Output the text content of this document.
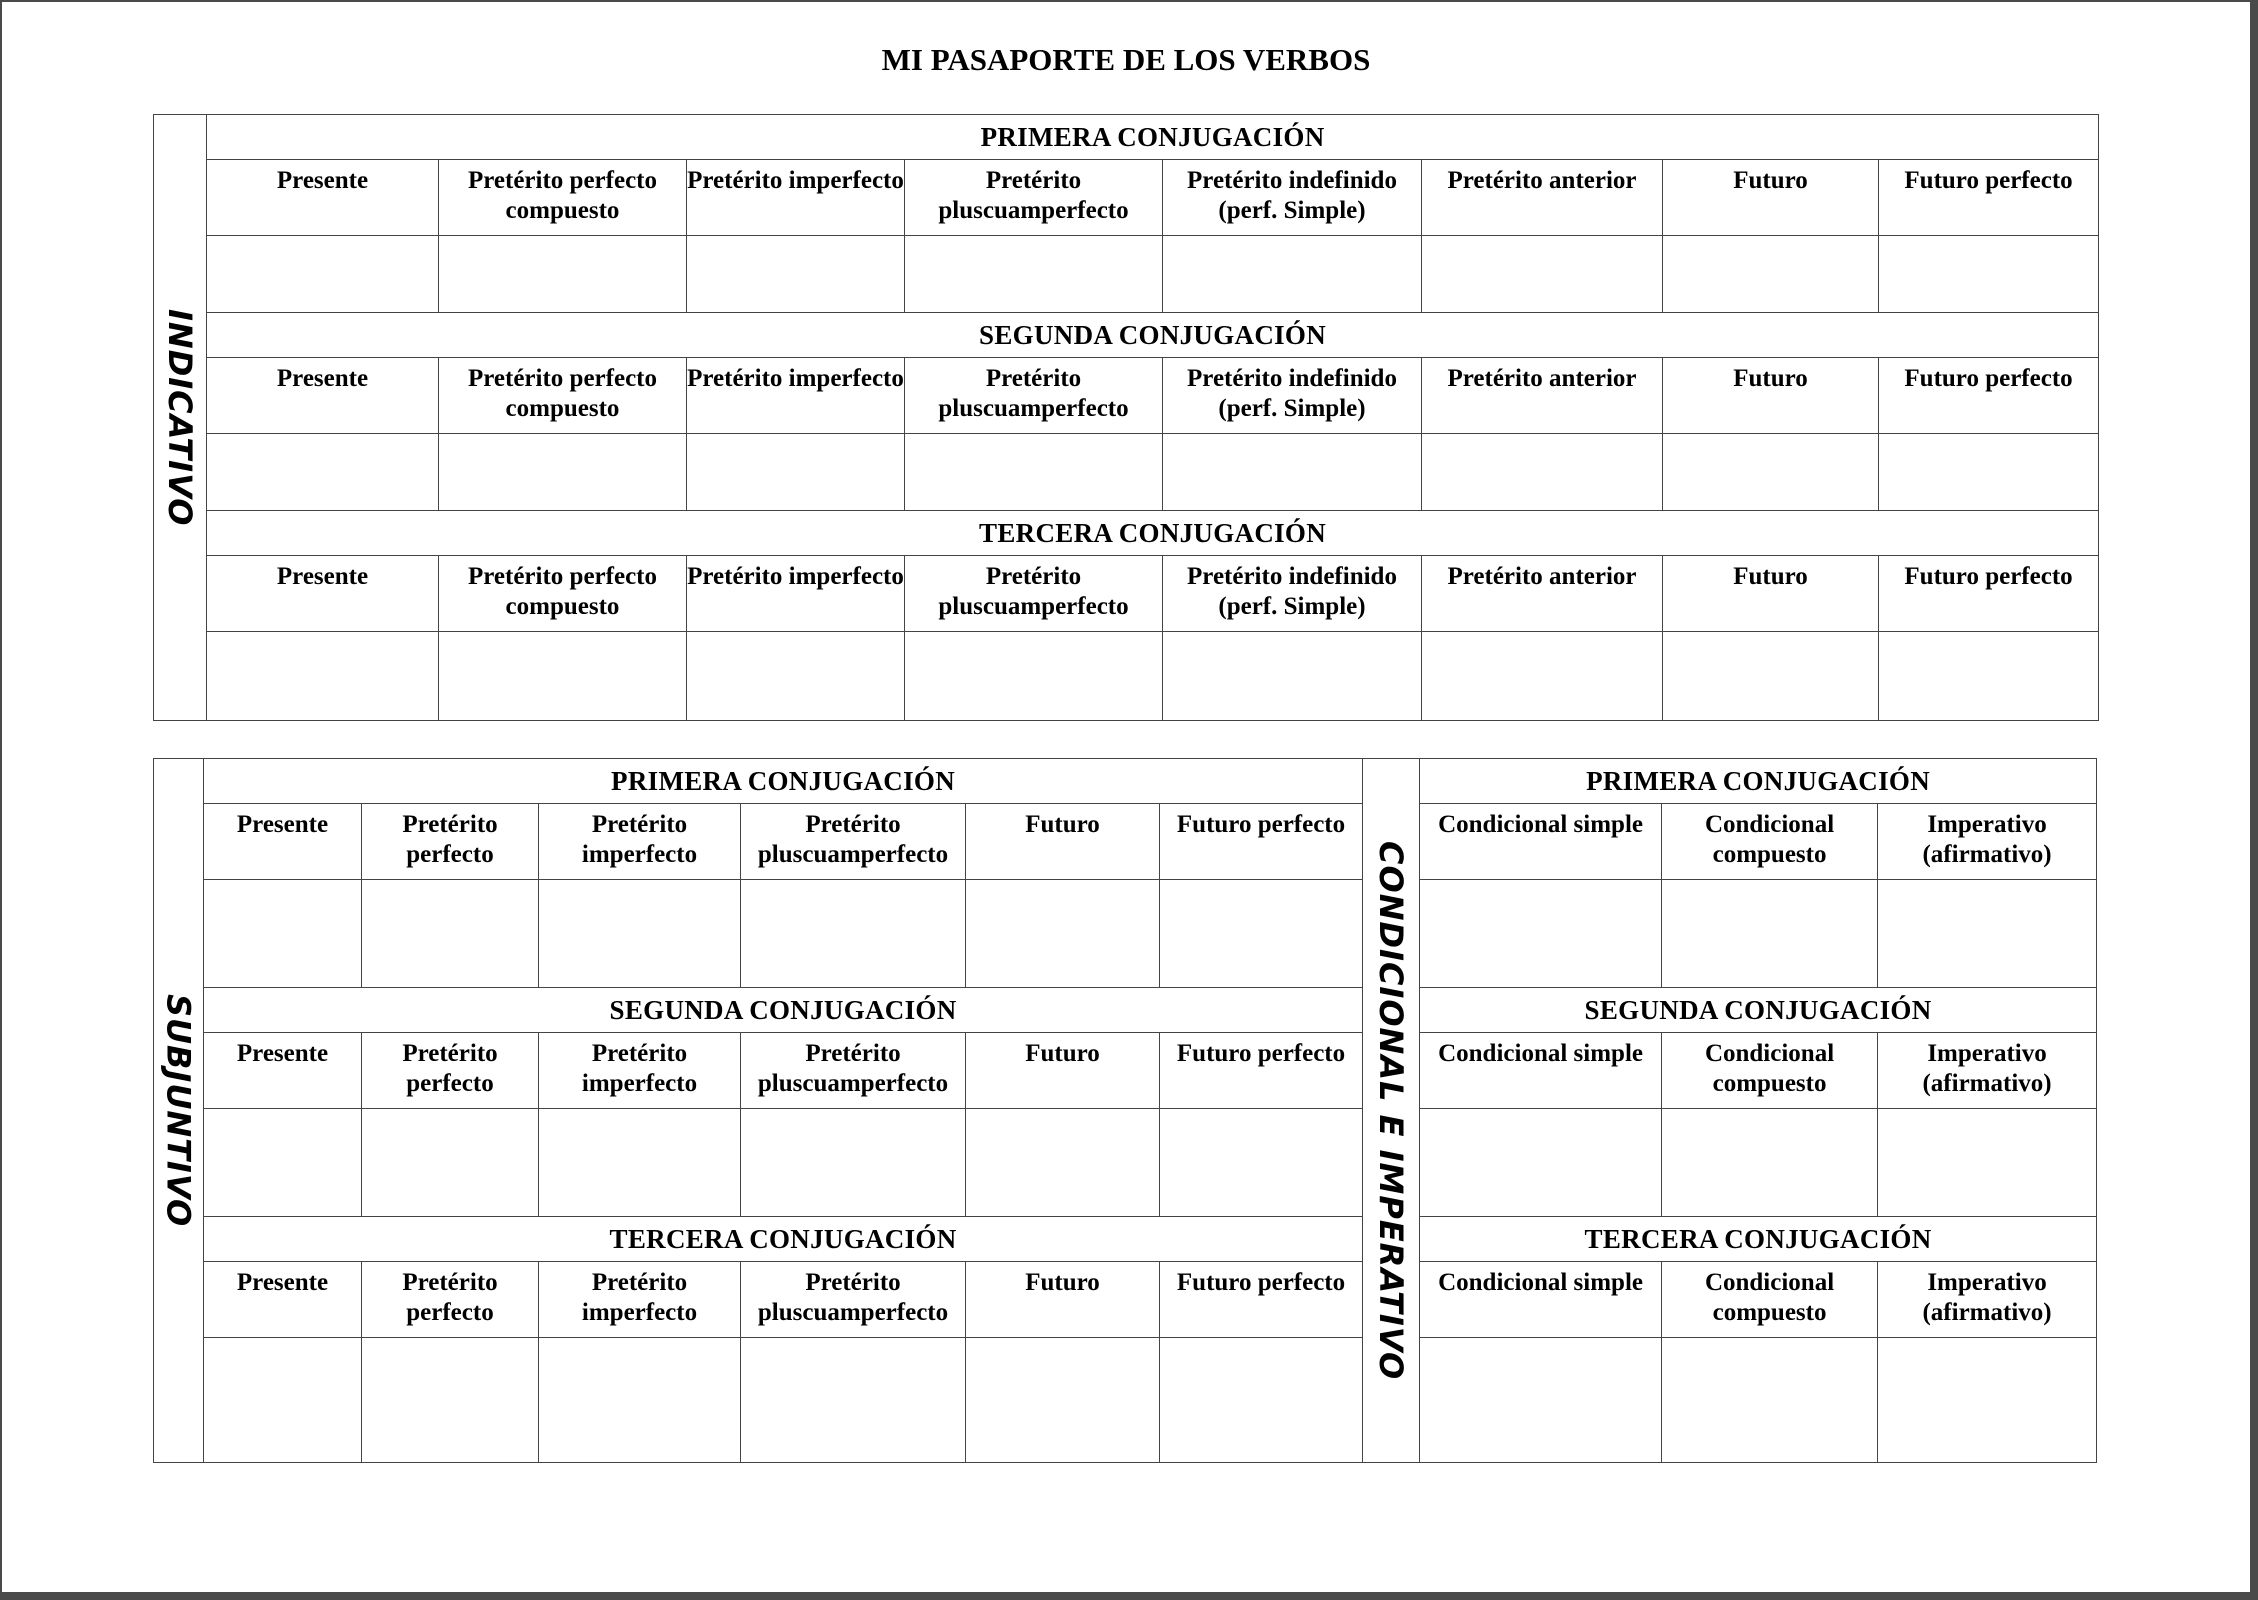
MI PASAPORTE DE LOS VERBOS
INDICATIVO	PRIMERA CONJUGACIÓN							
	Presente	Pretérito perfecto compuesto	Pretérito imperfecto	Pretérito pluscuamperfecto	Pretérito indefinido (perf. Simple)	Pretérito anterior	Futuro	Futuro perfecto

	SEGUNDA CONJUGACIÓN							
	Presente	Pretérito perfecto compuesto	Pretérito imperfecto	Pretérito pluscuamperfecto	Pretérito indefinido (perf. Simple)	Pretérito anterior	Futuro	Futuro perfecto

	TERCERA CONJUGACIÓN							
	Presente	Pretérito perfecto compuesto	Pretérito imperfecto	Pretérito pluscuamperfecto	Pretérito indefinido (perf. Simple)	Pretérito anterior	Futuro	Futuro perfecto

SUBJUNTIVO	PRIMERA CONJUGACIÓN						CONDICIONAL E IMPERATIVO	PRIMERA CONJUGACIÓN		
	Presente	Pretérito perfecto	Pretérito imperfecto	Pretérito pluscuamperfecto	Futuro	Futuro perfecto		Condicional simple	Condicional compuesto	Imperativo (afirmativo)

	SEGUNDA CONJUGACIÓN							SEGUNDA CONJUGACIÓN		
	Presente	Pretérito perfecto	Pretérito imperfecto	Pretérito pluscuamperfecto	Futuro	Futuro perfecto		Condicional simple	Condicional compuesto	Imperativo (afirmativo)

	TERCERA CONJUGACIÓN							TERCERA CONJUGACIÓN		
	Presente	Pretérito perfecto	Pretérito imperfecto	Pretérito pluscuamperfecto	Futuro	Futuro perfecto		Condicional simple	Condicional compuesto	Imperativo (afirmativo)
